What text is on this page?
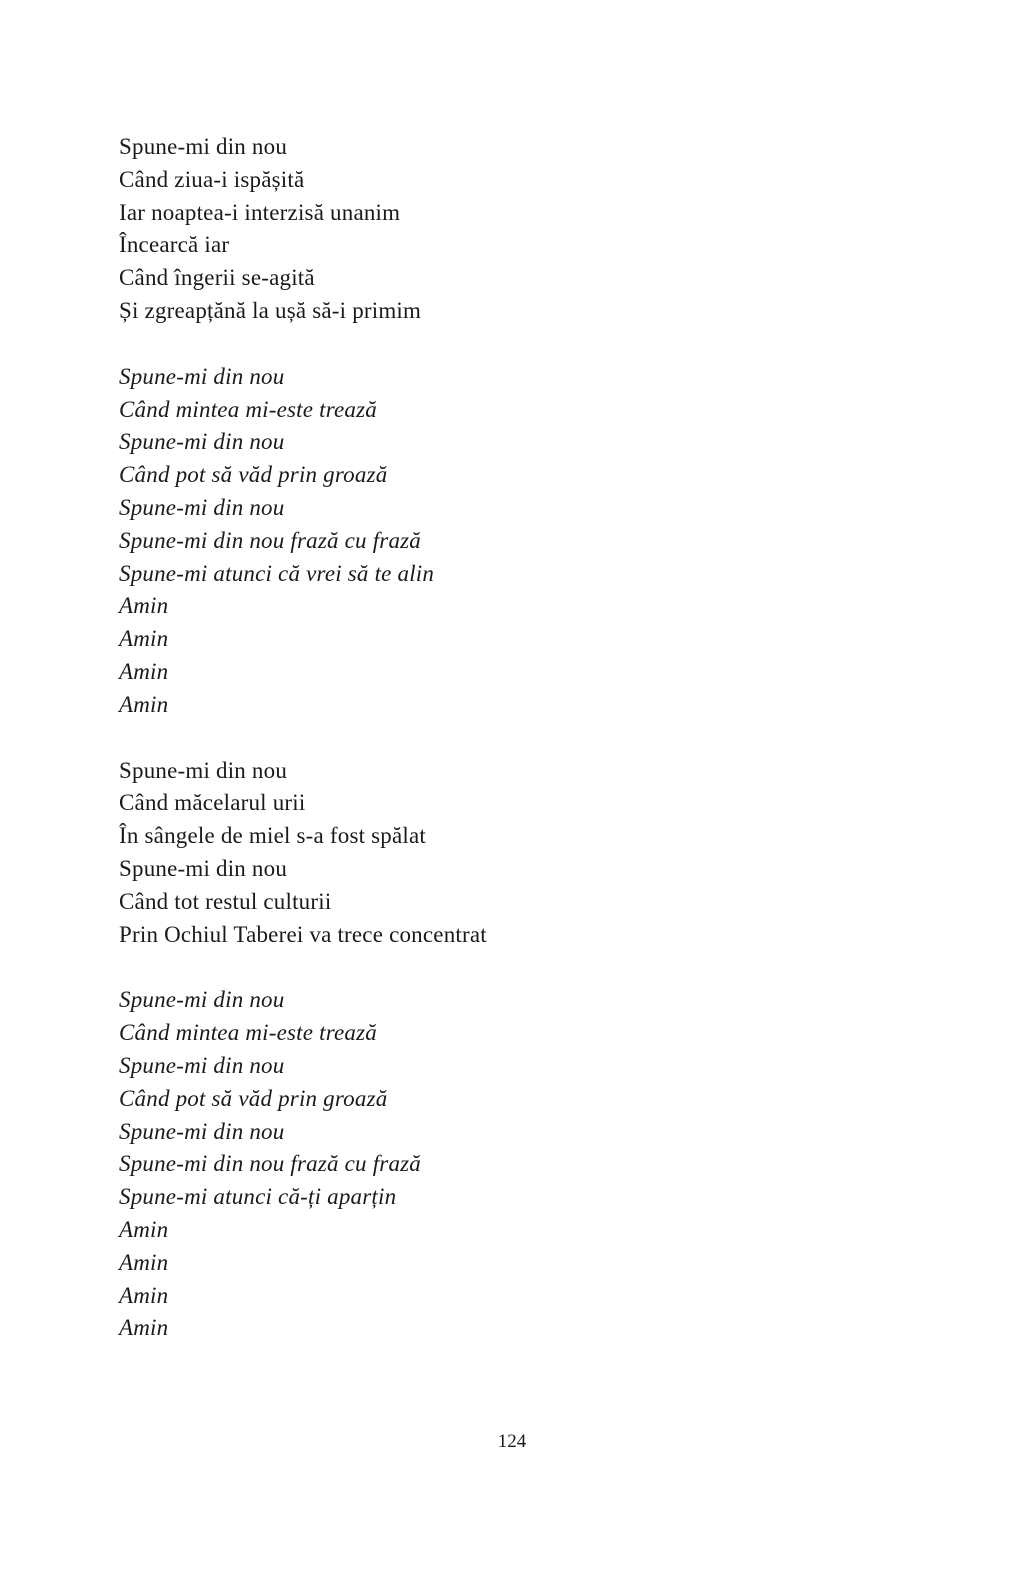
Spune-mi din nou
Când ziua-i ispășită
Iar noaptea-i interzisă unanim
Încearcă iar
Când îngerii se-agită
Și zgreapțănă la ușă să-i primim
Spune-mi din nou
Când mintea mi-este trează
Spune-mi din nou
Când pot să văd prin groază
Spune-mi din nou
Spune-mi din nou frază cu frază
Spune-mi atunci că vrei să te alin
Amin
Amin
Amin
Amin
Spune-mi din nou
Când măcelarul urii
În sângele de miel s-a fost spălat
Spune-mi din nou
Când tot restul culturii
Prin Ochiul Taberei va trece concentrat
Spune-mi din nou
Când mintea mi-este trează
Spune-mi din nou
Când pot să văd prin groază
Spune-mi din nou
Spune-mi din nou frază cu frază
Spune-mi atunci că-ți aparțin
Amin
Amin
Amin
Amin
124
